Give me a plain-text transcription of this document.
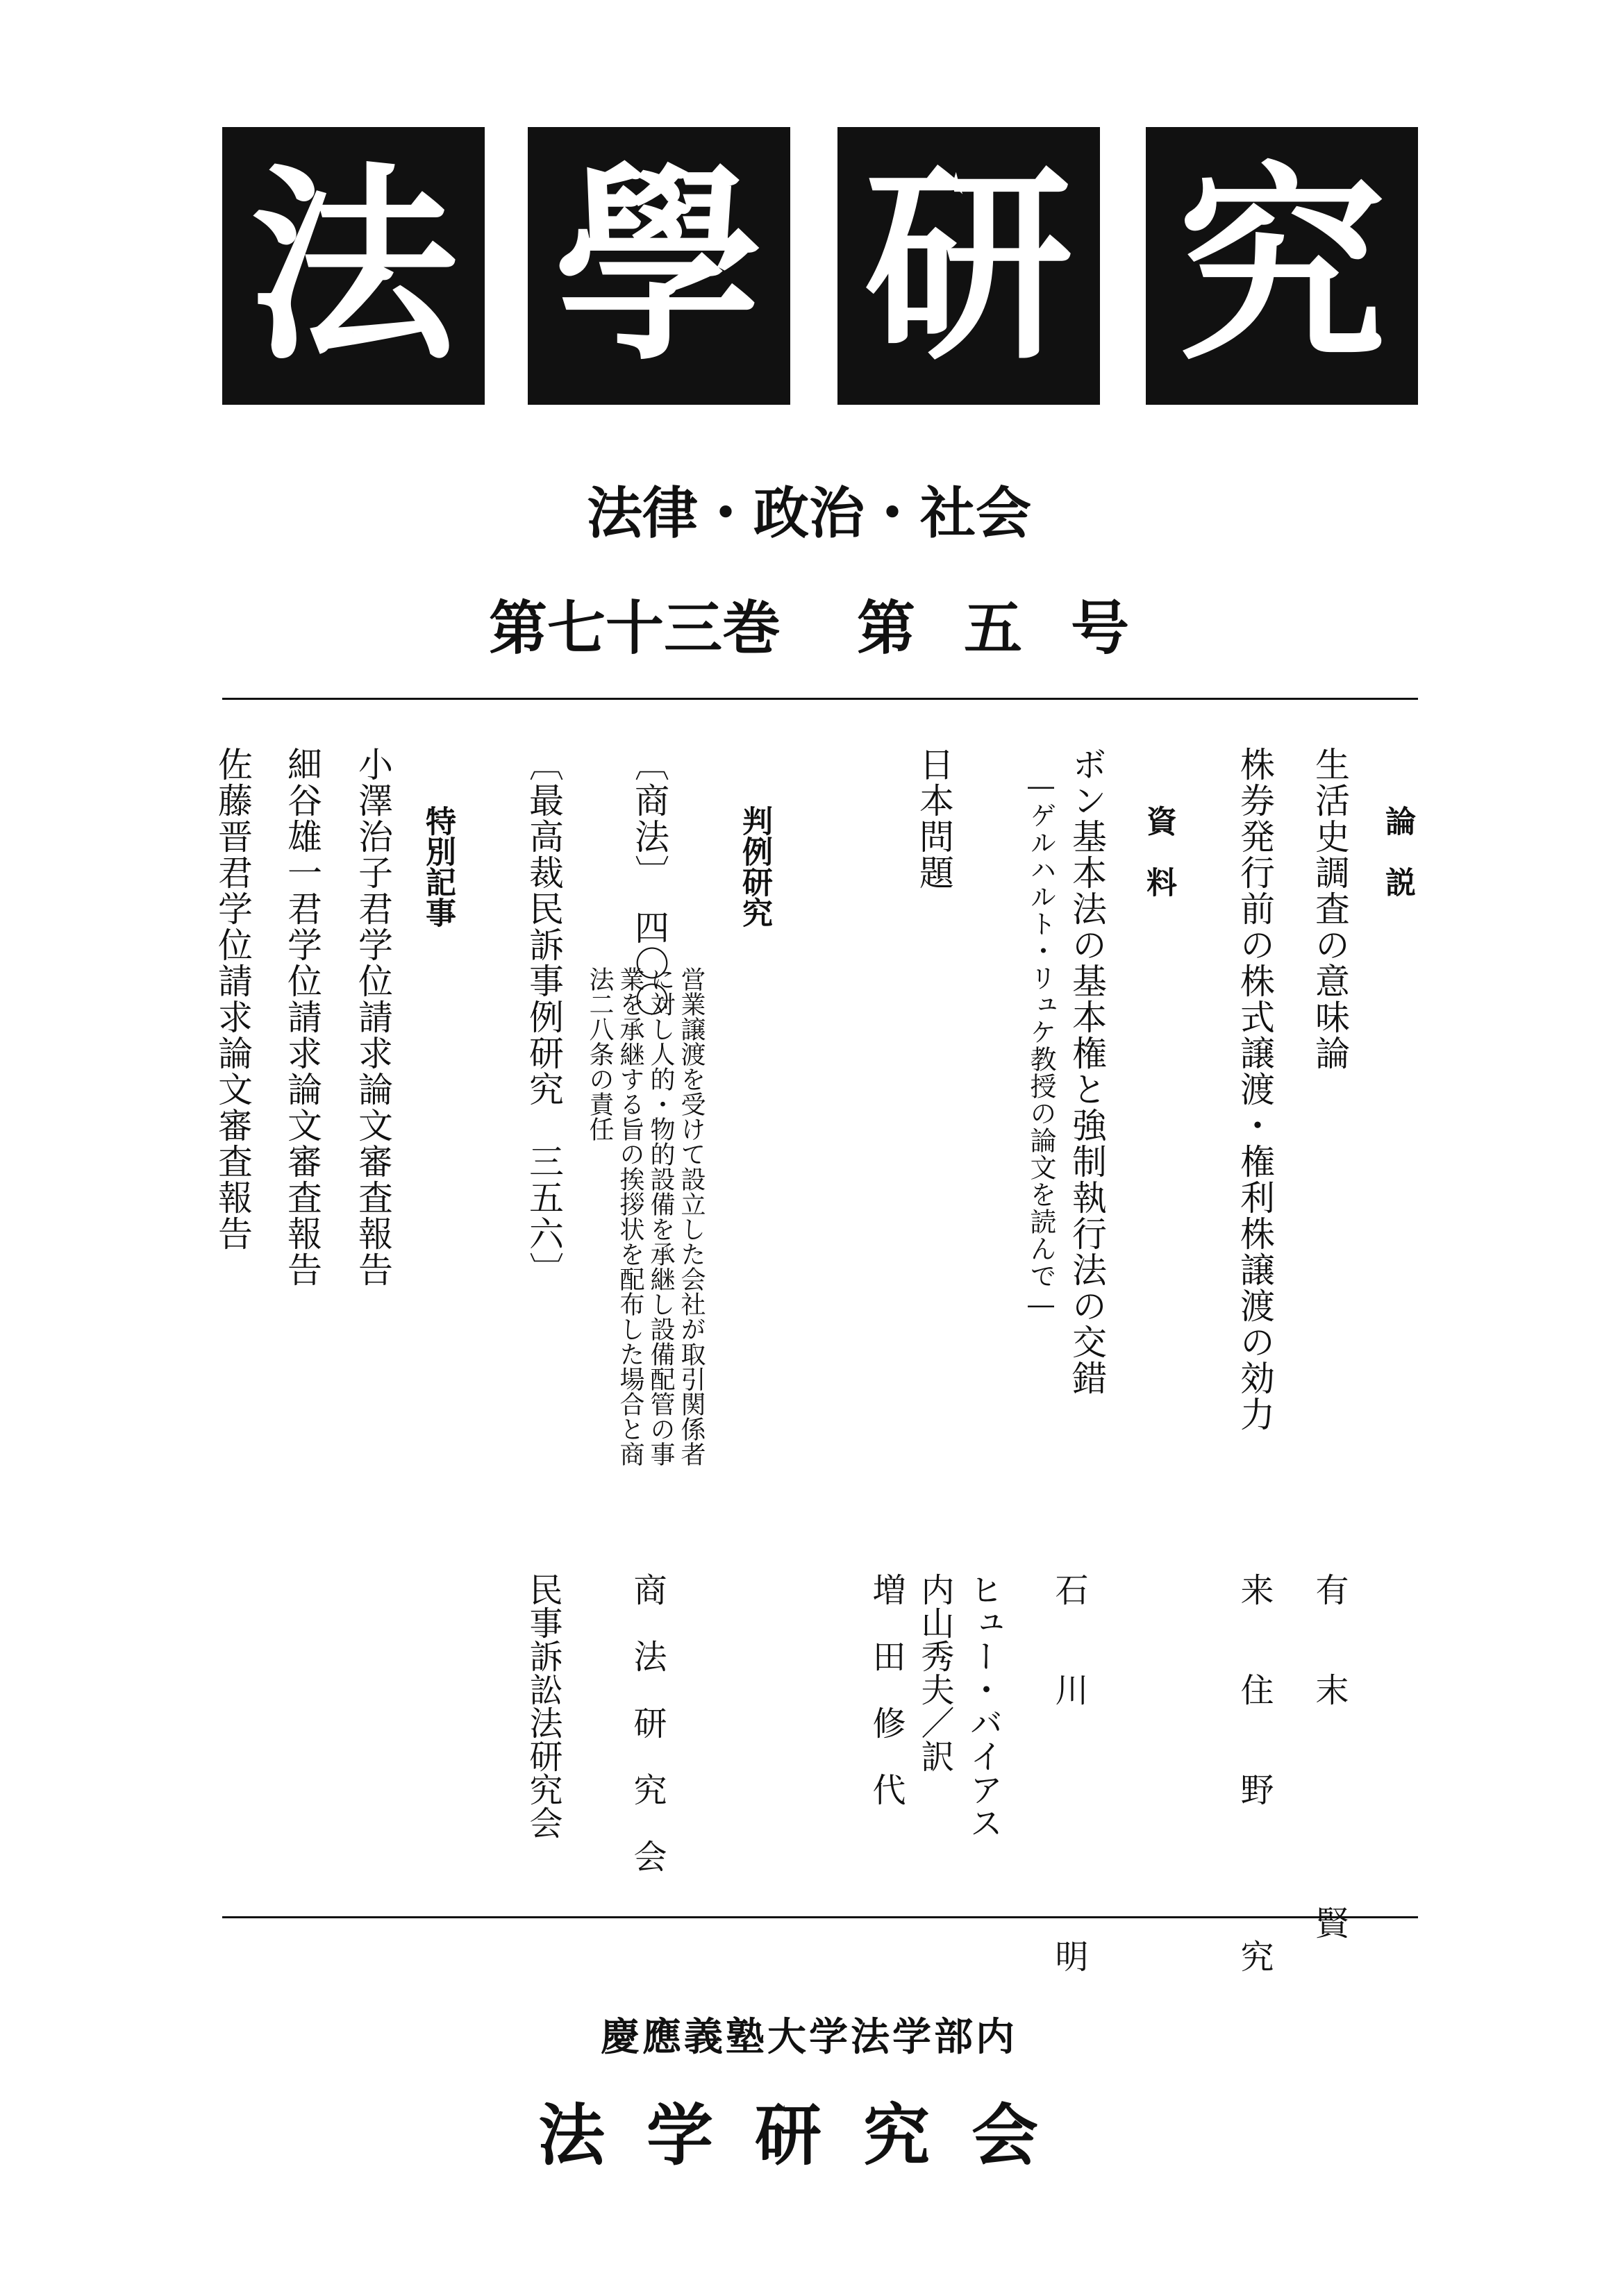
法 學 研 究
法律・政治・社会
第七十三巻 第 五 号
論　説
生活史調査の意味論
有　　末　　　　　　賢
株券発行前の株式譲渡・権利株譲渡の効力
来　　住　　野　　　　究
資　料
ボン基本法の基本権と強制執行法の交錯
―ゲルハルト・リュケ教授の論文を読んで―
石　　川　　　　　　　明
日本問題
ヒュー・バイアス
内山秀夫／訳
増　田　修　代
判例研究
〔商法〕　四〇〇
営業譲渡を受けて設立した会社が取引関係者
に対し人的・物的設備を承継し設備配管の事
業を承継する旨の挨拶状を配布した場合と商
法二八条の責任
商　法　研　究　会
〔最高裁民訴事例研究　三五六〕
民事訴訟法研究会
特別記事
小澤治子君学位請求論文審査報告
細谷雄一君学位請求論文審査報告
佐藤晋君学位請求論文審査報告
慶應義塾大学法学部内
法学研究会
